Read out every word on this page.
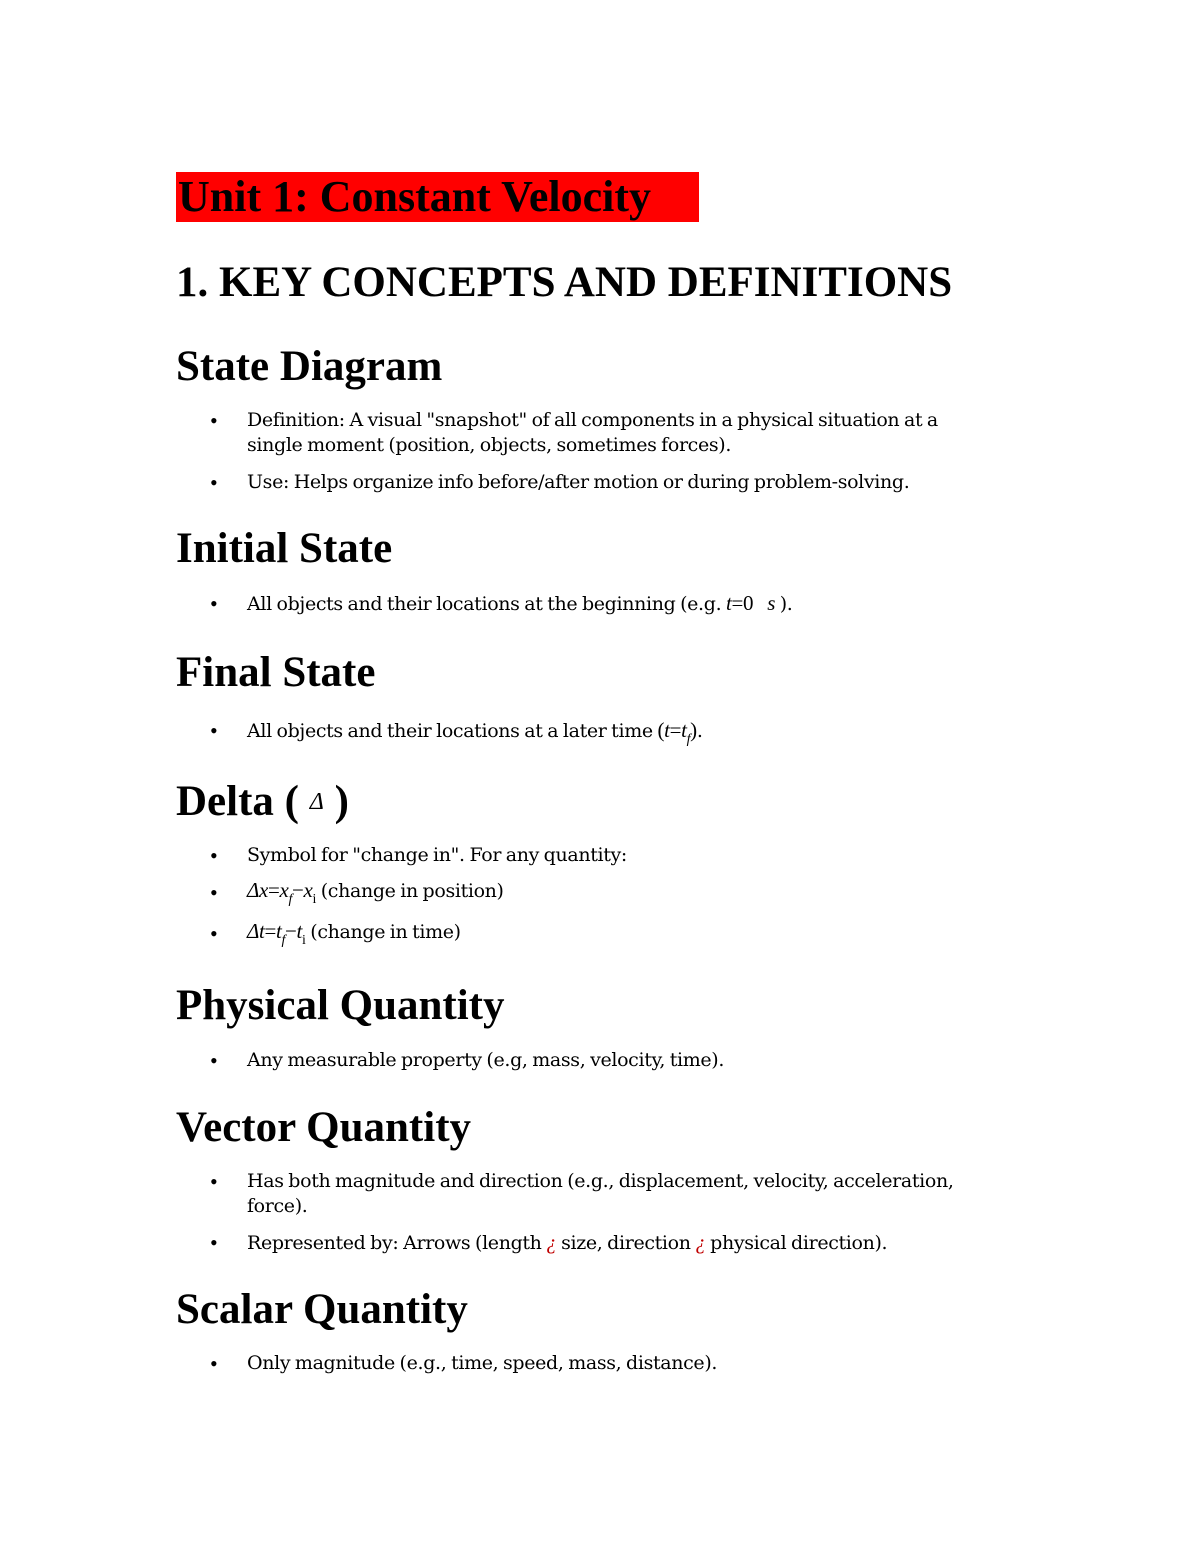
Unit 1: Constant Velocity
1. KEY CONCEPTS AND DEFINITIONS
State Diagram
• Definition: A visual "snapshot" of all components in a physical situation at a
single moment (position, objects, sometimes forces).
• Use: Helps organize info before/after motion or during problem-solving.
Initial State
• All objects and their locations at the beginning (e.g. t=0 s ).
Final State
• All objects and their locations at a later time $(t=t_f)$.
Delta ( Δ )
• Symbol for "change in". For any quantity:
• $\Delta x=x_f-x_i$ (change in position)
• $\Delta t=t_f-t_i$ (change in time)
Physical Quantity
• Any measurable property (e.g, mass, velocity, time).
Vector Quantity
• Has both magnitude and direction (e.g., displacement, velocity, acceleration,
force).
• Represented by: Arrows (length ¿ size, direction ¿ physical direction).
Scalar Quantity
• Only magnitude (e.g., time, speed, mass, distance).
